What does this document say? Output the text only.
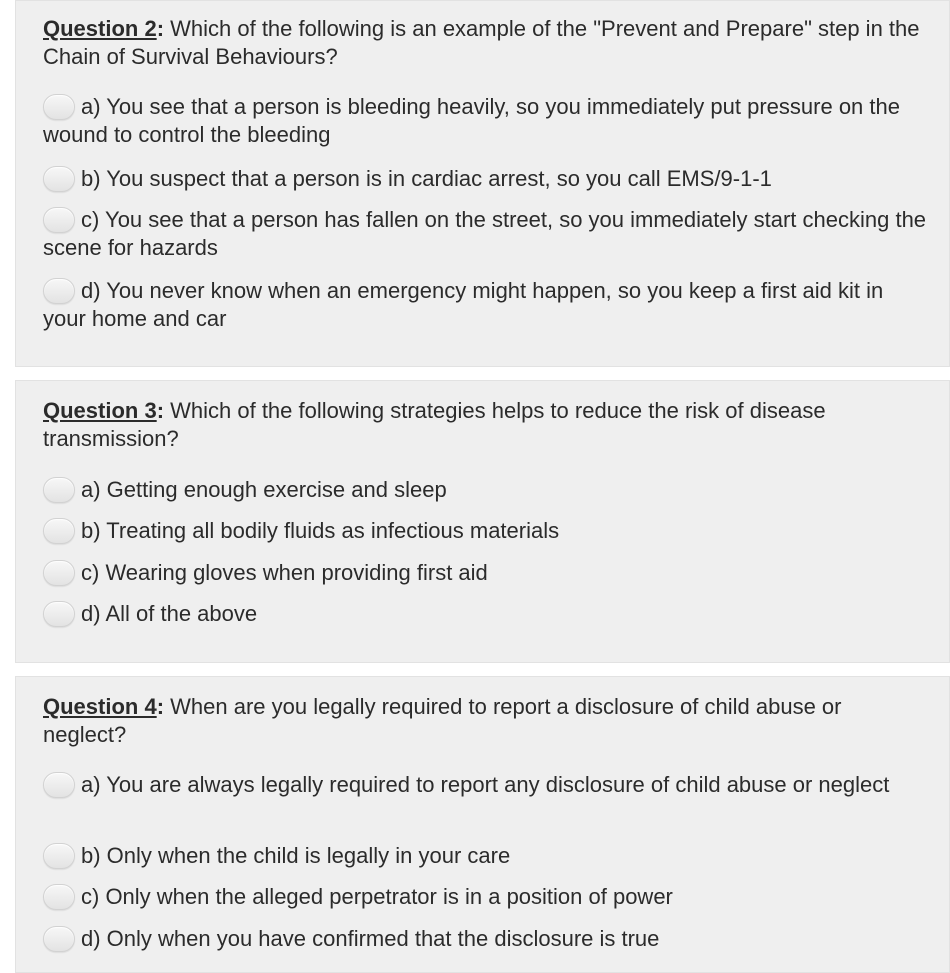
Question 2: Which of the following is an example of the "Prevent and Prepare" step in the Chain of Survival Behaviours?

a) You see that a person is bleeding heavily, so you immediately put pressure on the wound to control the bleeding
b) You suspect that a person is in cardiac arrest, so you call EMS/9-1-1
c) You see that a person has fallen on the street, so you immediately start checking the scene for hazards
d) You never know when an emergency might happen, so you keep a first aid kit in your home and car

Question 3: Which of the following strategies helps to reduce the risk of disease transmission?

a) Getting enough exercise and sleep
b) Treating all bodily fluids as infectious materials
c) Wearing gloves when providing first aid
d) All of the above

Question 4: When are you legally required to report a disclosure of child abuse or neglect?

a) You are always legally required to report any disclosure of child abuse or neglect
b) Only when the child is legally in your care
c) Only when the alleged perpetrator is in a position of power
d) Only when you have confirmed that the disclosure is true
